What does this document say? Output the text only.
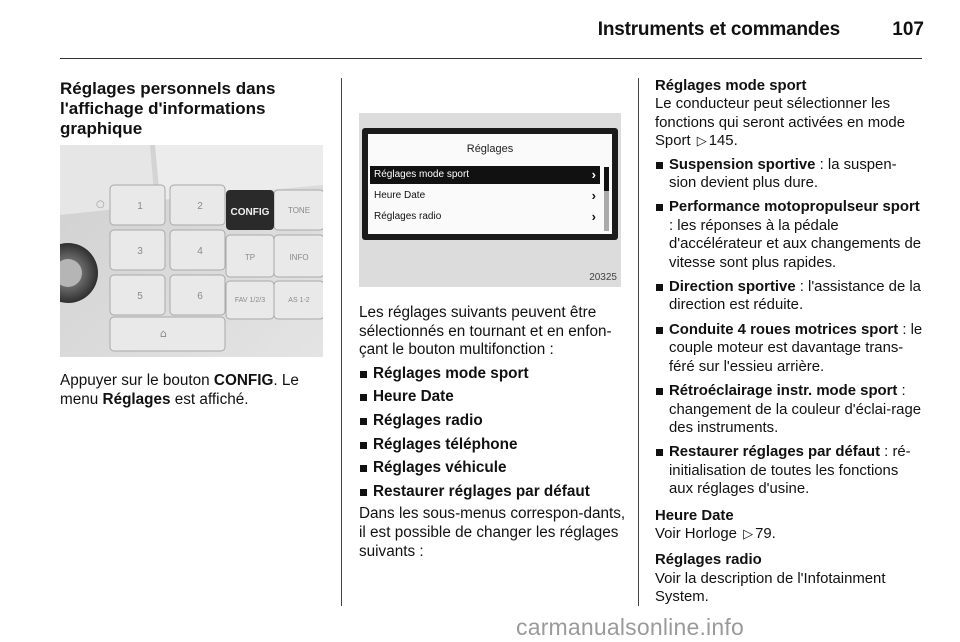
Instruments et commandes	107

Réglages personnels dans l'affichage d'informations graphique

CONFIG
1	2	TONE
3	4
TP	INFO
5	6	FAV 1/2/3	AS 1-2
⌂
○

Appuyer sur le bouton CONFIG. Le menu Réglages est affiché.

Réglages
Réglages mode sport	›
Heure Date	›
Réglages radio	›
20325

Les réglages suivants peuvent être sélectionnés en tournant et en enfon-çant le bouton multifonction :

Réglages mode sport
Heure Date
Réglages radio
Réglages téléphone
Réglages véhicule
Restaurer réglages par défaut

Dans les sous-menus correspon-dants, il est possible de changer les réglages suivants :

Réglages mode sport

Le conducteur peut sélectionner les fonctions qui seront activées en mode Sport ▷ 145.

Suspension sportive : la suspen-sion devient plus dure.
Performance motopropulseur sport : les réponses à la pédale d'accélérateur et aux changements de vitesse sont plus rapides.
Direction sportive : l'assistance de la direction est réduite.
Conduite 4 roues motrices sport : le couple moteur est davantage trans-féré sur l'essieu arrière.
Rétroéclairage instr. mode sport : changement de la couleur d'éclai-rage des instruments.
Restaurer réglages par défaut : ré-initialisation de toutes les fonctions aux réglages d'usine.

Heure Date

Voir Horloge ▷ 79.

Réglages radio

Voir la description de l'Infotainment System.

carmanualsonline.info
